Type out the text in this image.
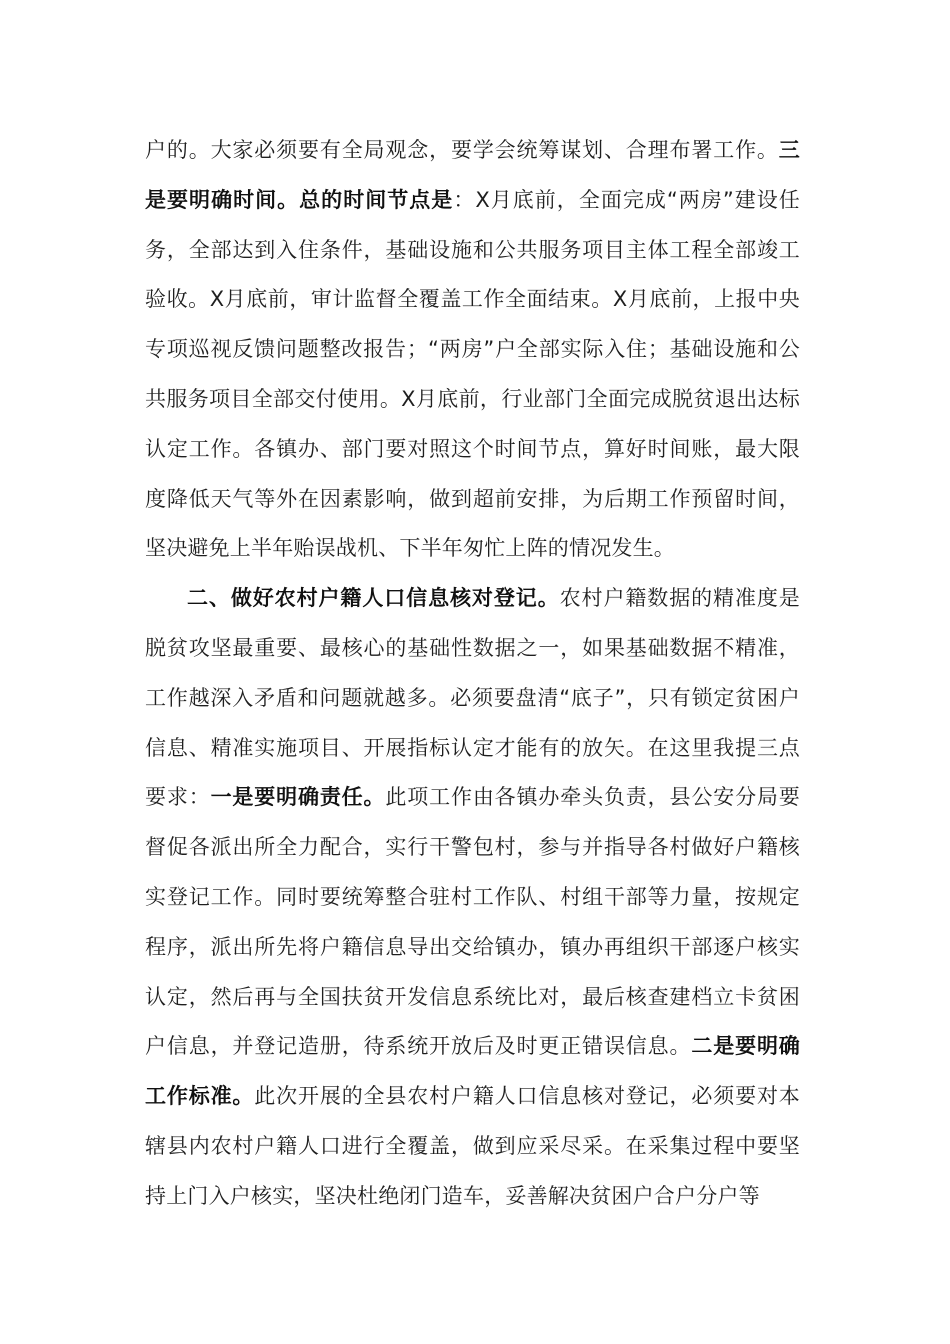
户的。大家必须要有全局观念，要学会统筹谋划、合理布署工作。三是要明确时间。总的时间节点是：X月底前，全面完成“两房”建设任务，全部达到入住条件，基础设施和公共服务项目主体工程全部竣工验收。X月底前，审计监督全覆盖工作全面结束。X月底前，上报中央专项巡视反馈问题整改报告；“两房”户全部实际入住；基础设施和公共服务项目全部交付使用。X月底前，行业部门全面完成脱贫退出达标认定工作。各镇办、部门要对照这个时间节点，算好时间账，最大限度降低天气等外在因素影响，做到超前安排，为后期工作预留时间，坚决避免上半年贻误战机、下半年匆忙上阵的情况发生。

二、做好农村户籍人口信息核对登记。农村户籍数据的精准度是脱贫攻坚最重要、最核心的基础性数据之一，如果基础数据不精准，工作越深入矛盾和问题就越多。必须要盘清“底子”，只有锁定贫困户信息、精准实施项目、开展指标认定才能有的放矢。在这里我提三点要求：一是要明确责任。此项工作由各镇办牵头负责，县公安分局要督促各派出所全力配合，实行干警包村，参与并指导各村做好户籍核实登记工作。同时要统筹整合驻村工作队、村组干部等力量，按规定程序，派出所先将户籍信息导出交给镇办，镇办再组织干部逐户核实认定，然后再与全国扶贫开发信息系统比对，最后核查建档立卡贫困户信息，并登记造册，待系统开放后及时更正错误信息。二是要明确工作标准。此次开展的全县农村户籍人口信息核对登记，必须要对本辖县内农村户籍人口进行全覆盖，做到应采尽采。在采集过程中要坚持上门入户核实，坚决杜绝闭门造车，妥善解决贫困户合户分户等
